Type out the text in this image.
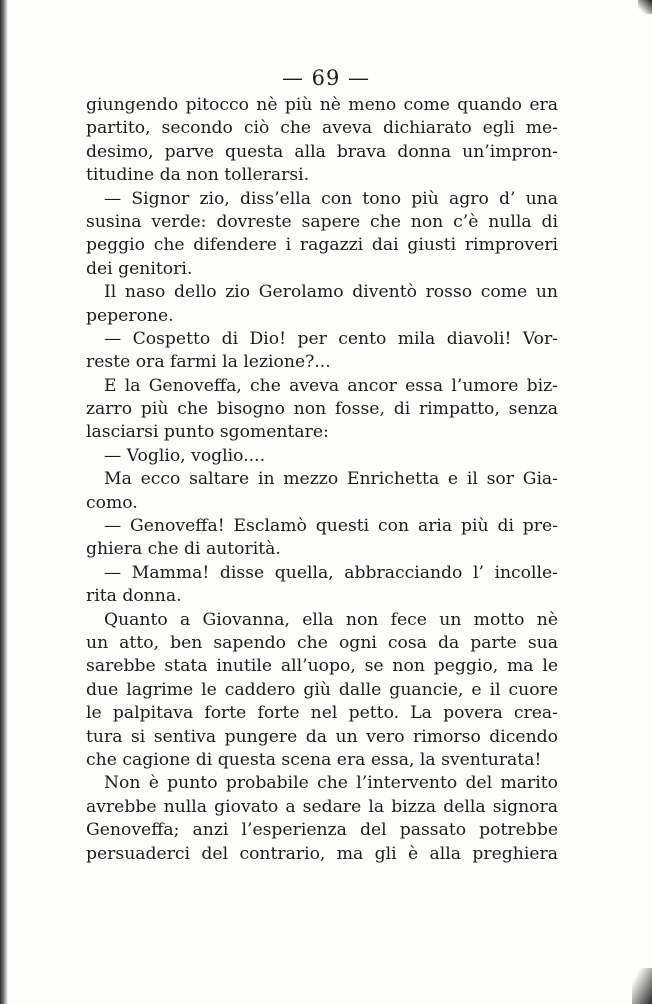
— 69 —
giungendo pitocco nè più nè meno come quando era
partito, secondo ciò che aveva dichiarato egli me-
desimo, parve questa alla brava donna un’impron-
titudine da non tollerarsi.
— Signor zio, diss’ella con tono più agro d’ una
susina verde: dovreste sapere che non c’è nulla di
peggio che difendere i ragazzi dai giusti rimproveri
dei genitori.
Il naso dello zio Gerolamo diventò rosso come un
peperone.
— Cospetto di Dio! per cento mila diavoli! Vor-
reste ora farmi la lezione?...
E la Genoveffa, che aveva ancor essa l’umore biz-
zarro più che bisogno non fosse, di rimpatto, senza
lasciarsi punto sgomentare:
— Voglio, voglio....
Ma ecco saltare in mezzo Enrichetta e il sor Gia-
como.
— Genoveffa! Esclamò questi con aria più di pre-
ghiera che di autorità.
— Mamma! disse quella, abbracciando l’ incolle-
rita donna.
Quanto a Giovanna, ella non fece un motto nè
un atto, ben sapendo che ogni cosa da parte sua
sarebbe stata inutile all’uopo, se non peggio, ma le
due lagrime le caddero giù dalle guancie, e il cuore
le palpitava forte forte nel petto. La povera crea-
tura si sentiva pungere da un vero rimorso dicendo
che cagione di questa scena era essa, la sventurata!
Non è punto probabile che l’intervento del marito
avrebbe nulla giovato a sedare la bizza della signora
Genoveffa; anzi l’esperienza del passato potrebbe
persuaderci del contrario, ma gli è alla preghiera
